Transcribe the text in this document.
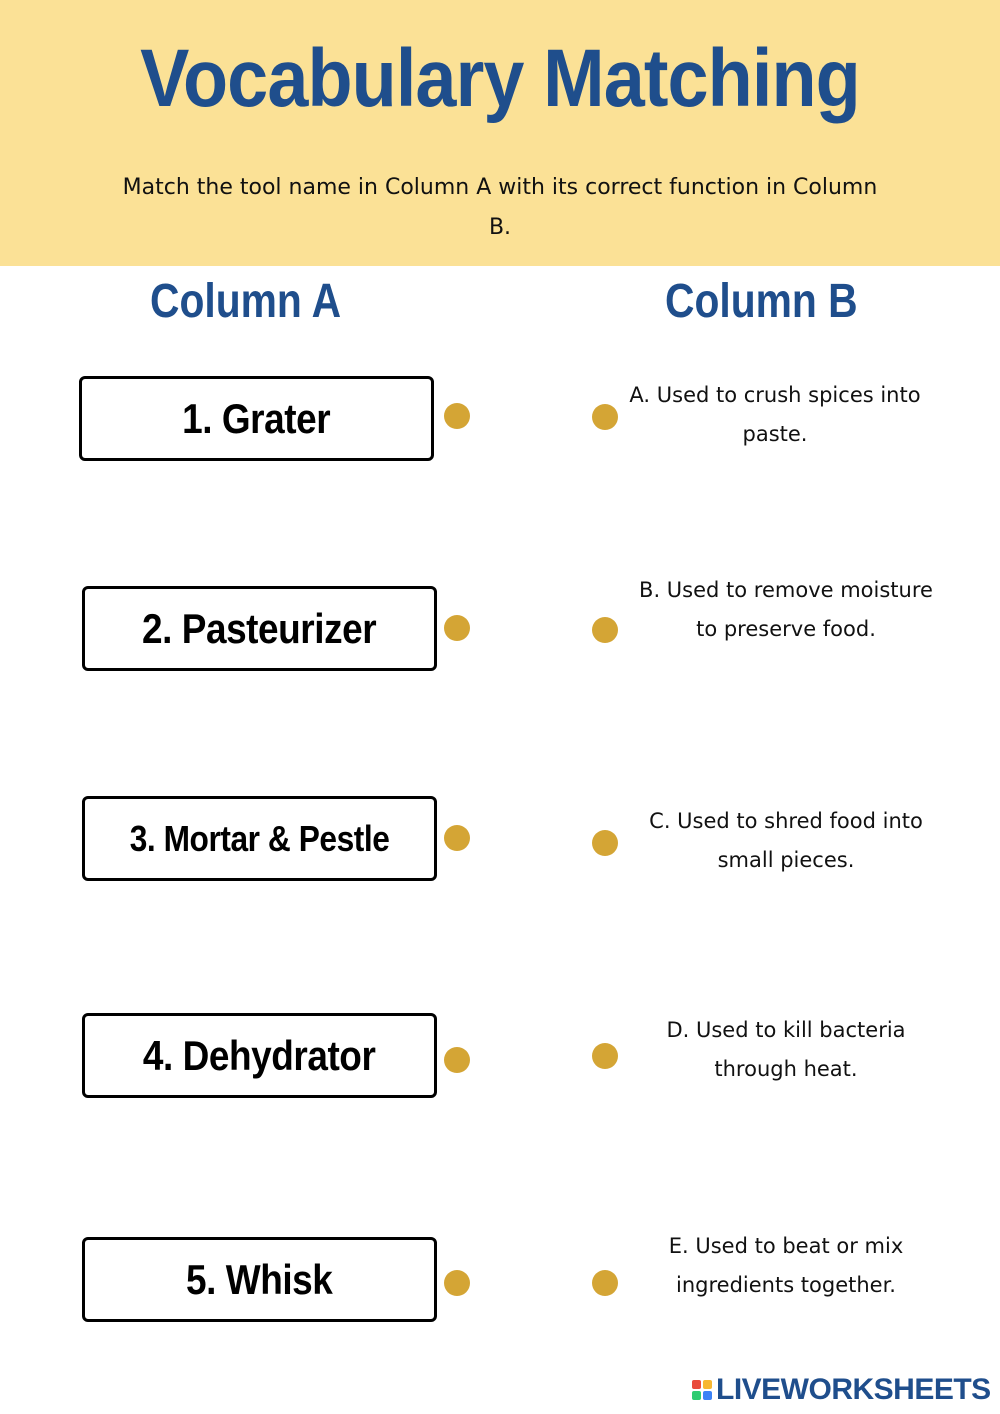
Vocabulary Matching
Match the tool name in Column A with its correct function in Column B.
Column A	Column B
1. Grater
2. Pasteurizer
3. Mortar & Pestle
4. Dehydrator
5. Whisk
A. Used to crush spices into paste.
B. Used to remove moisture to preserve food.
C. Used to shred food into small pieces.
D. Used to kill bacteria through heat.
E. Used to beat or mix ingredients together.
LIVEWORKSHEETS
